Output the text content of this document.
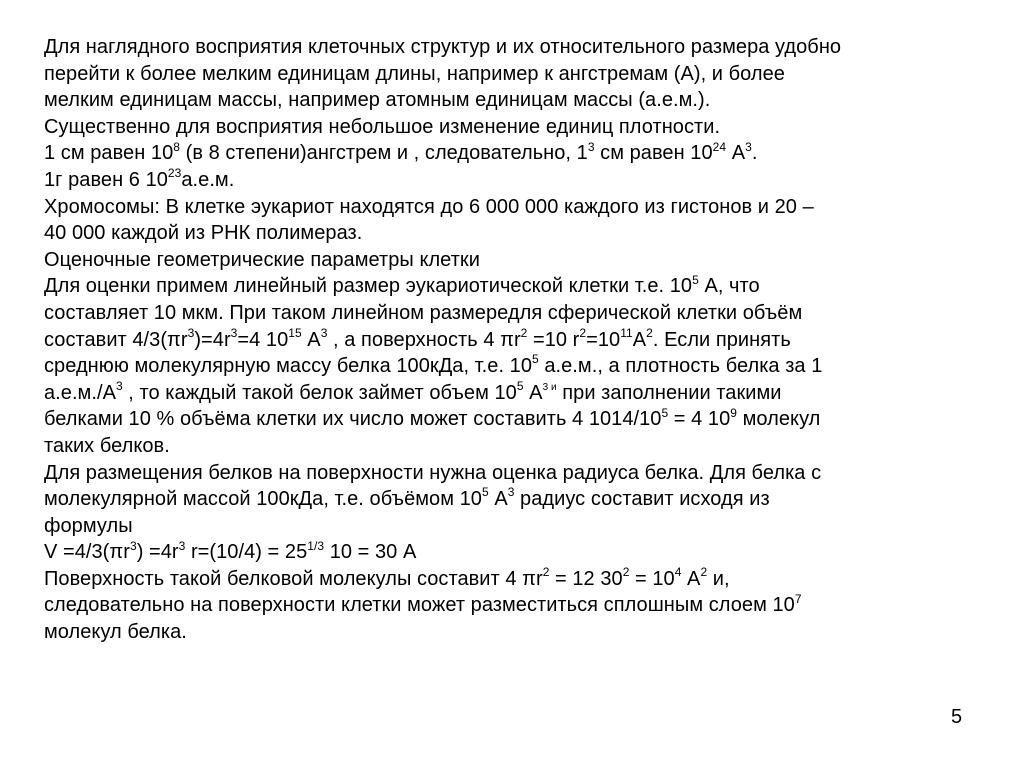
Для наглядного восприятия клеточных структур и их относительного размера удобно
перейти к более мелким единицам длины, например к ангстремам (А), и более
мелким единицам массы, например атомным единицам массы (а.е.м.).
Существенно для восприятия небольшое изменение единиц плотности.
1 см равен $10^8$ (в 8 степени)ангстрем и , следовательно, $1^3$ см равен $10^{24}$ $А^3$.
1г равен 6 $10^{23}а.е.м$.
Хромосомы: В клетке эукариот находятся до 6 000 000 каждого из гистонов и 20 –
40 000 каждой из РНК полимераз.
Оценочные геометрические параметры клетки
Для оценки примем линейный размер эукариотической клетки т.е. $10^5$ А, что
составляет 10 мкм. При таком линейном размередля сферической клетки объём
составит $4/3(\pi r^3)=4r^3=4$ $10^{15}$ $А^3$ , а поверхность 4 $\pi r^2 =10$ $r^2=10^{11}А^2$. Если принять
среднюю молекулярную массу белка 100кДа, т.е. $10^5$ а.е.м., а плотность белка за 1
$а.е.м./А^3$ , то каждый такой белок займет объем $10^5$ $А^{3 и}$ при заполнении такими
белками 10 % объёма клетки их число может составить 4 $1014/10^5 = 4$ $10^9$ молекул
таких белков.
Для размещения белков на поверхности нужна оценка радиуса белка. Для белка с
молекулярной массой 100кДа, т.е. объёмом $10^5$ $А^3$ радиус составит исходя из
формулы
$V =4/3(\pi r^3) =4r^3$ $r=(10/4) = 25^{1/3}$ 10 = 30 А
Поверхность такой белковой молекулы составит 4 $\pi r^2 = 12$ $30^2 = 10^4$ $А^2$ и,
следовательно на поверхности клетки может разместиться сплошным слоем $10^7$
молекул белка.
5
